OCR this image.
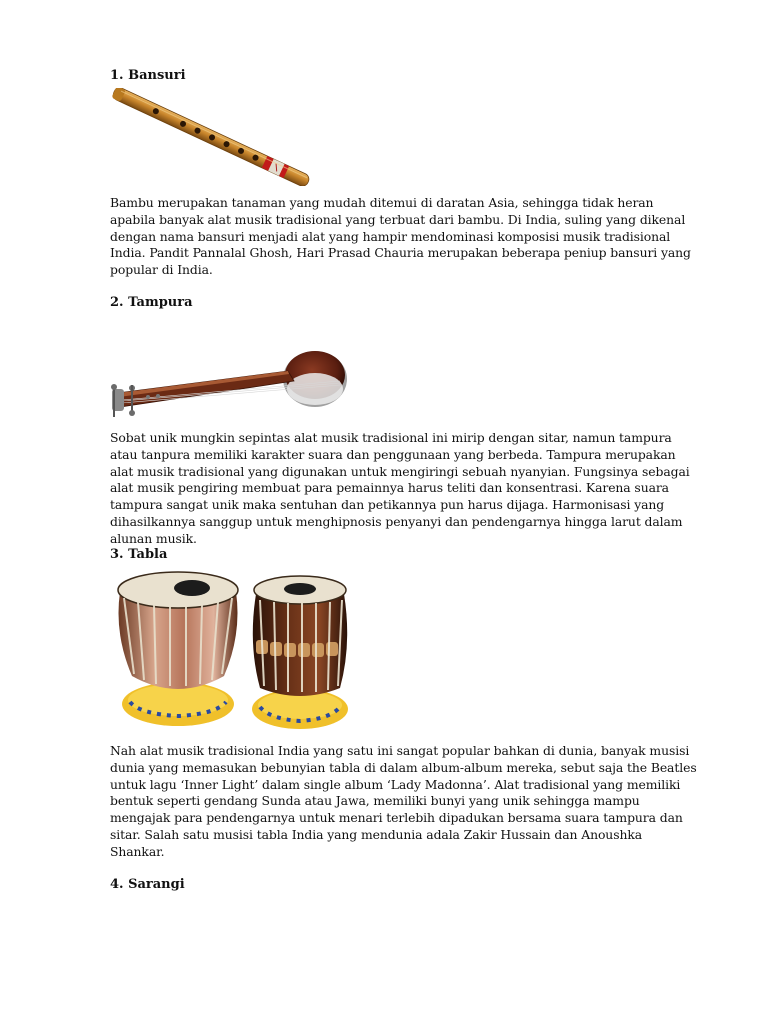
1. Bansuri
Bambu merupakan tanaman yang mudah ditemui di daratan Asia, sehingga tidak heran apabila banyak alat musik tradisional yang terbuat dari bambu. Di India, suling yang dikenal dengan nama bansuri menjadi alat yang hampir mendominasi komposisi musik tradisional India. Pandit Pannalal Ghosh, Hari Prasad Chauria merupakan beberapa peniup bansuri yang popular di India.
2. Tampura
Sobat unik mungkin sepintas alat musik tradisional ini mirip dengan sitar, namun tampura atau tanpura memiliki karakter suara dan penggunaan yang berbeda. Tampura merupakan alat musik tradisional yang digunakan untuk mengiringi sebuah nyanyian. Fungsinya sebagai alat musik pengiring membuat para pemainnya harus teliti dan konsentrasi. Karena suara tampura sangat unik maka sentuhan dan petikannya pun harus dijaga. Harmonisasi yang dihasilkannya sanggup untuk menghipnosis penyanyi dan pendengarnya hingga larut dalam alunan musik.
3. Tabla
Nah alat musik tradisional India yang satu ini sangat popular bahkan di dunia, banyak musisi dunia yang memasukan bebunyian tabla di dalam album-album mereka, sebut saja the Beatles untuk lagu ‘Inner Light’ dalam single album ‘Lady Madonna’. Alat tradisional yang memiliki bentuk seperti gendang Sunda atau Jawa, memiliki bunyi yang unik sehingga mampu mengajak para pendengarnya untuk menari terlebih dipadukan bersama suara tampura dan sitar. Salah satu musisi tabla India yang mendunia adala Zakir Hussain dan Anoushka Shankar.
4. Sarangi
